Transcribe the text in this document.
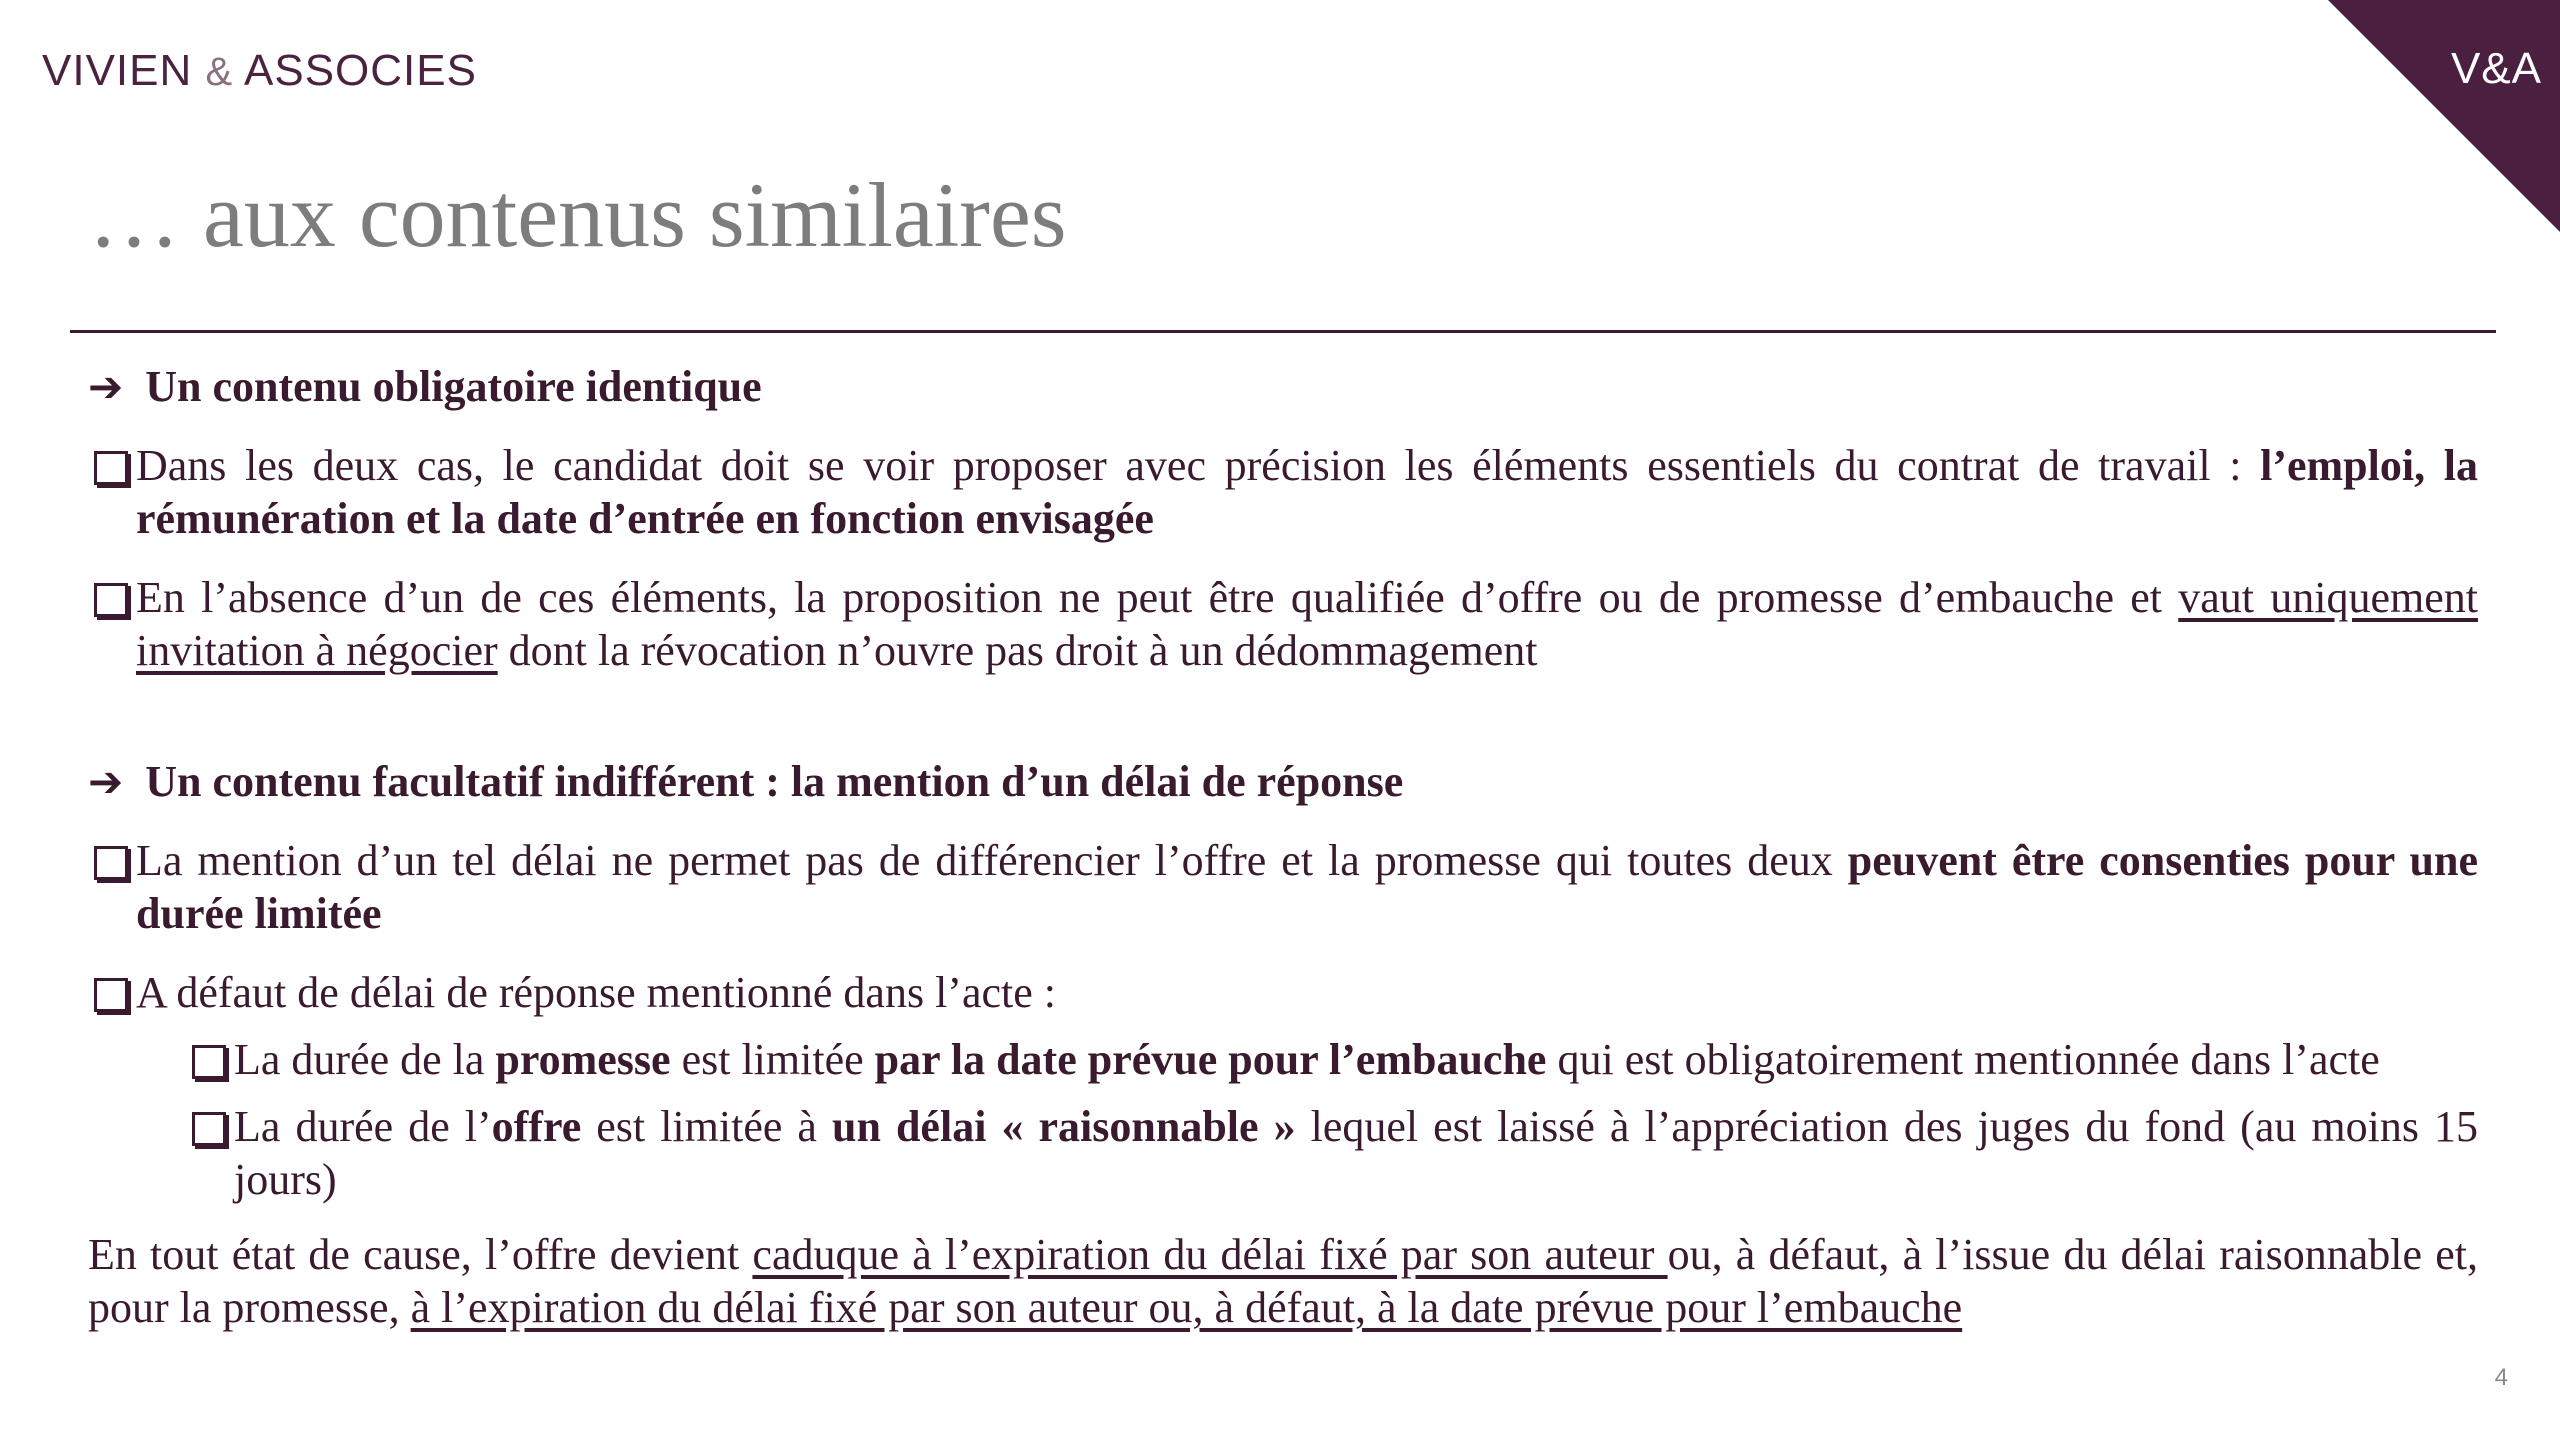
VIVIEN & ASSOCIES	V&A
… aux contenus similaires
➔ Un contenu obligatoire identique

Dans les deux cas, le candidat doit se voir proposer avec précision les éléments essentiels du contrat de travail : l’emploi, la rémunération et la date d’entrée en fonction envisagée

En l’absence d’un de ces éléments, la proposition ne peut être qualifiée d’offre ou de promesse d’embauche et vaut uniquement invitation à négocier dont la révocation n’ouvre pas droit à un dédommagement

➔ Un contenu facultatif indifférent : la mention d’un délai de réponse

La mention d’un tel délai ne permet pas de différencier l’offre et la promesse qui toutes deux peuvent être consenties pour une durée limitée

A défaut de délai de réponse mentionné dans l’acte :

La durée de la promesse est limitée par la date prévue pour l’embauche qui est obligatoirement mentionnée dans l’acte

La durée de l’offre est limitée à un délai « raisonnable » lequel est laissé à l’appréciation des juges du fond (au moins 15 jours)

En tout état de cause, l’offre devient caduque à l’expiration du délai fixé par son auteur ou, à défaut, à l’issue du délai raisonnable et, pour la promesse, à l’expiration du délai fixé par son auteur ou, à défaut, à la date prévue pour l’embauche

4
